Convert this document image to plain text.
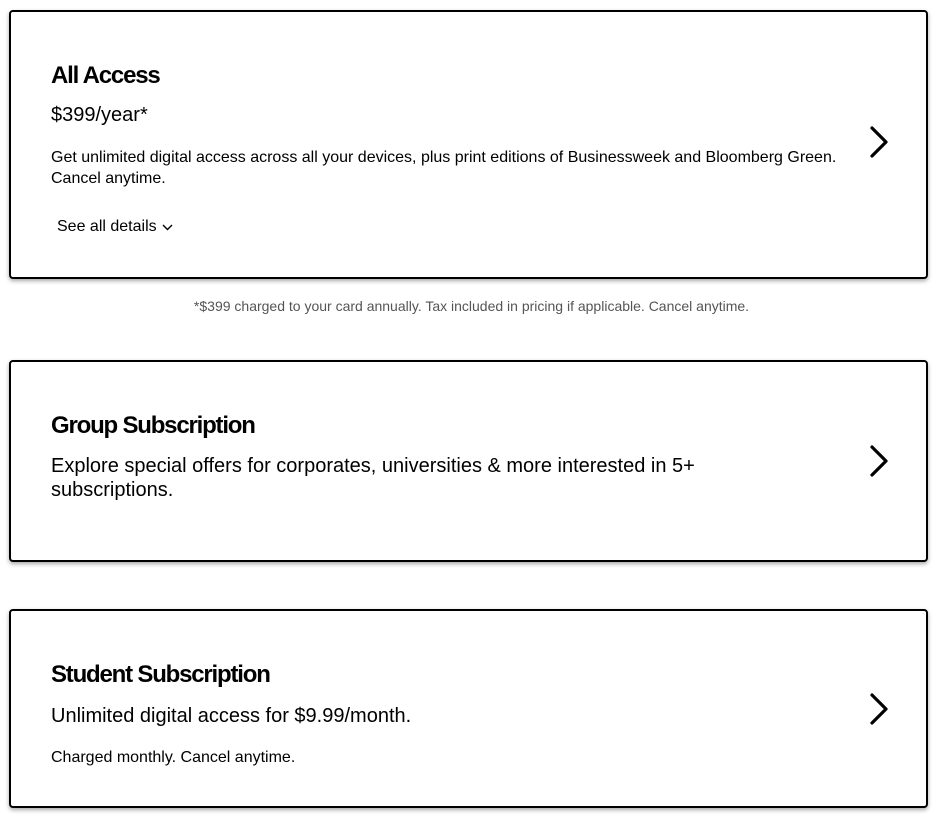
All Access
$399/year*
Get unlimited digital access across all your devices, plus print editions of Businessweek and Bloomberg Green. Cancel anytime.
See all details
*$399 charged to your card annually. Tax included in pricing if applicable. Cancel anytime.
Group Subscription
Explore special offers for corporates, universities & more interested in 5+ subscriptions.
Student Subscription
Unlimited digital access for $9.99/month.
Charged monthly. Cancel anytime.
